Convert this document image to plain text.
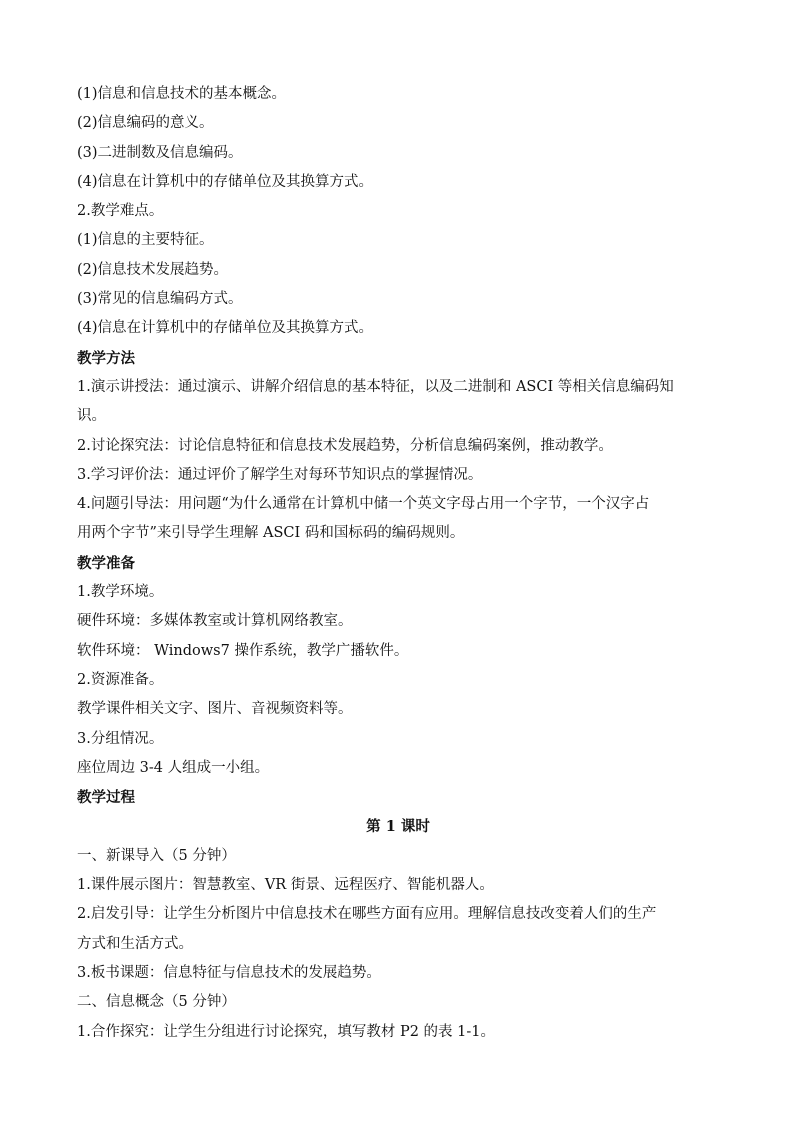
(1)信息和信息技术的基本概念。
(2)信息编码的意义。
(3)二进制数及信息编码。
(4)信息在计算机中的存储单位及其换算方式。
2.教学难点。
(1)信息的主要特征。
(2)信息技术发展趋势。
(3)常见的信息编码方式。
(4)信息在计算机中的存储单位及其换算方式。
教学方法
1.演示讲授法：通过演示、讲解介绍信息的基本特征，以及二进制和 ASCI 等相关信息编码知
识。
2.讨论探究法：讨论信息特征和信息技术发展趋势，分析信息编码案例，推动教学。
3.学习评价法：通过评价了解学生对每环节知识点的掌握情况。
4.问题引导法：用问题“为什么通常在计算机中储一个英文字母占用一个字节，一个汉字占
用两个字节”来引导学生理解 ASCI 码和国标码的编码规则。
教学准备
1.教学环境。
硬件环境：多媒体教室或计算机网络教室。
软件环境： Windows7 操作系统，教学广播软件。
2.资源准备。
教学课件相关文字、图片、音视频资料等。
3.分组情况。
座位周边 3-4 人组成一小组。
教学过程
第 1 课时
一、新课导入（5 分钟）
1.课件展示图片：智慧教室、VR 街景、远程医疗、智能机器人。
2.启发引导：让学生分析图片中信息技术在哪些方面有应用。理解信息技改变着人们的生产
方式和生活方式。
3.板书课题：信息特征与信息技术的发展趋势。
二、信息概念（5 分钟）
1.合作探究：让学生分组进行讨论探究，填写教材 P2 的表 1-1。
